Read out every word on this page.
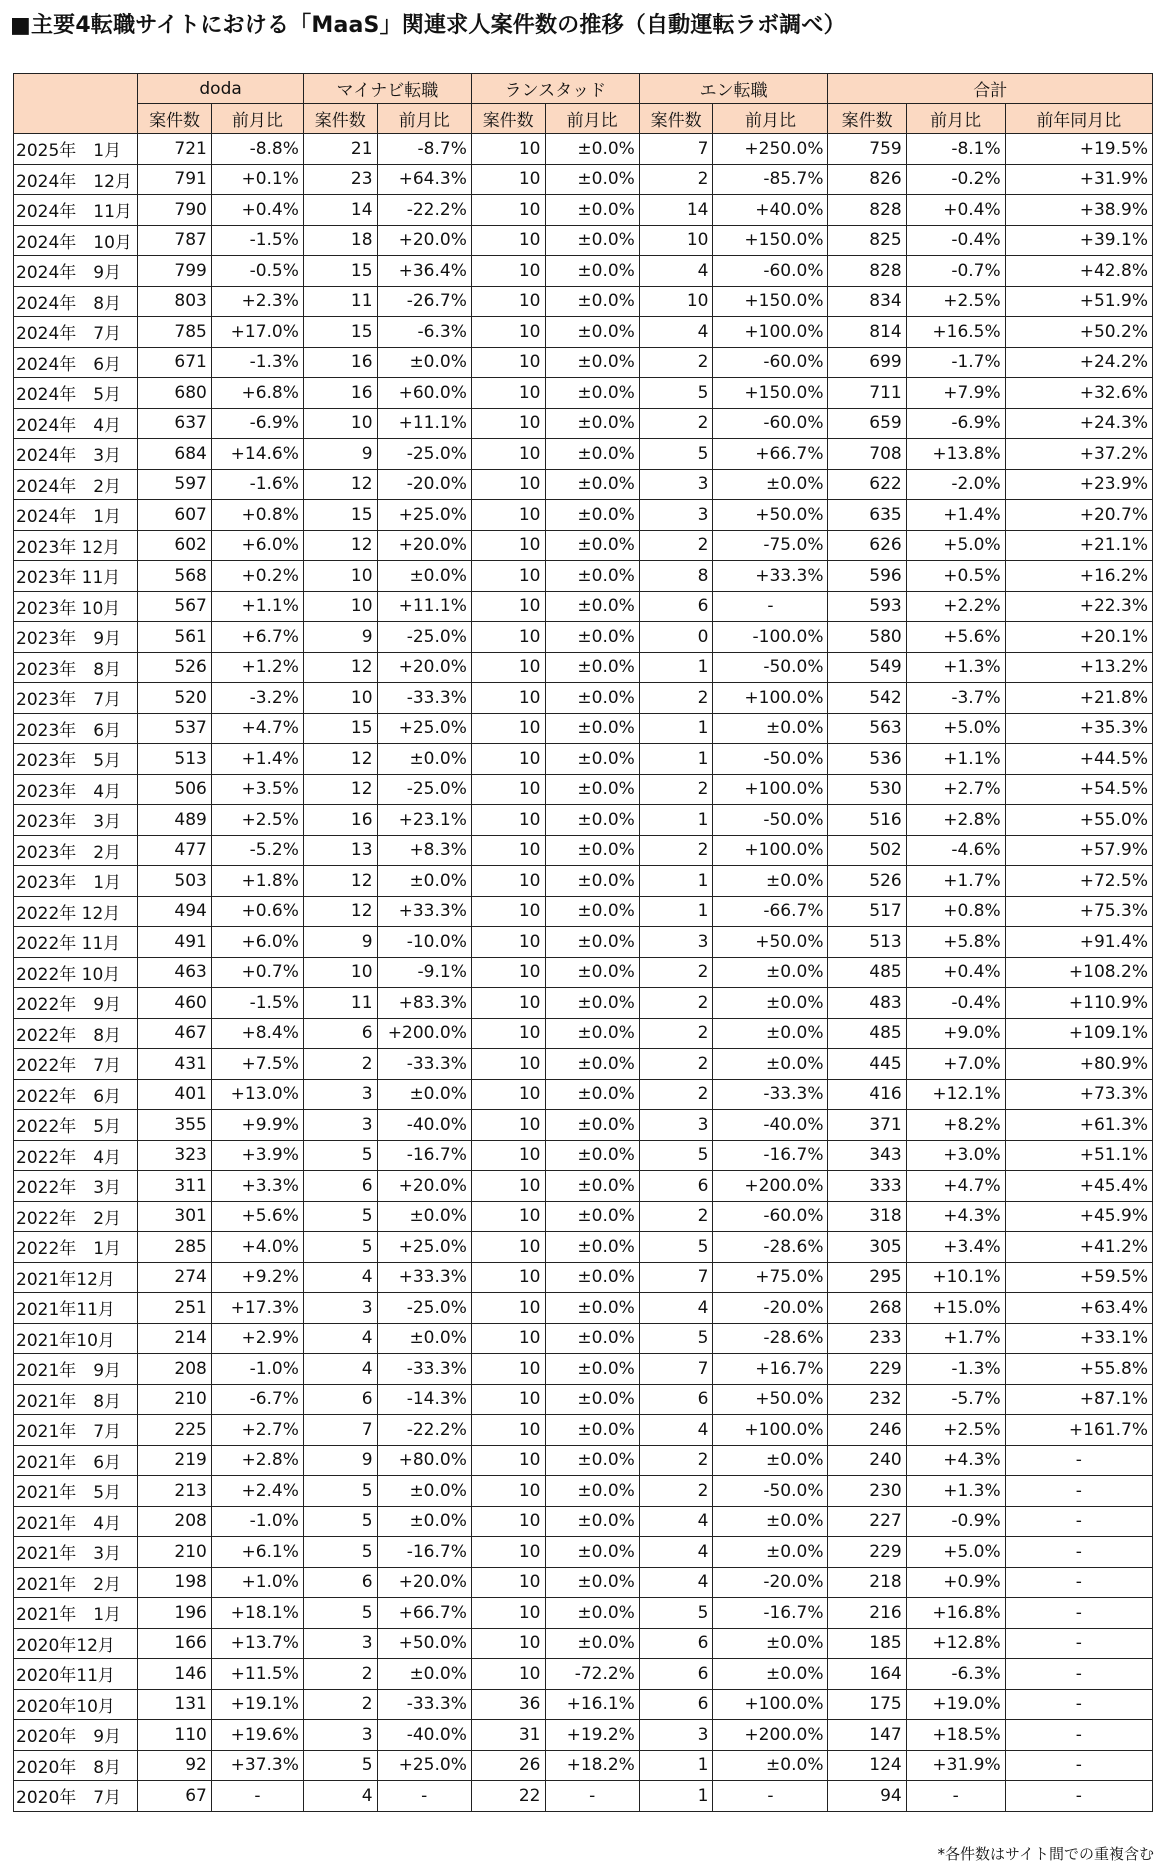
■主要4転職サイトにおける「MaaS」関連求人案件数の推移（自動運転ラボ調べ）
	doda		マイナビ転職		ランスタッド		エン転職		合計		
	案件数	前月比	案件数	前月比	案件数	前月比	案件数	前月比	案件数	前月比	前年同月比
2025年　1月	721	-8.8%	21	-8.7%	10	±0.0%	7	+250.0%	759	-8.1%	+19.5%
2024年　12月	791	+0.1%	23	+64.3%	10	±0.0%	2	-85.7%	826	-0.2%	+31.9%
2024年　11月	790	+0.4%	14	-22.2%	10	±0.0%	14	+40.0%	828	+0.4%	+38.9%
2024年　10月	787	-1.5%	18	+20.0%	10	±0.0%	10	+150.0%	825	-0.4%	+39.1%
2024年　9月	799	-0.5%	15	+36.4%	10	±0.0%	4	-60.0%	828	-0.7%	+42.8%
2024年　8月	803	+2.3%	11	-26.7%	10	±0.0%	10	+150.0%	834	+2.5%	+51.9%
2024年　7月	785	+17.0%	15	-6.3%	10	±0.0%	4	+100.0%	814	+16.5%	+50.2%
2024年　6月	671	-1.3%	16	±0.0%	10	±0.0%	2	-60.0%	699	-1.7%	+24.2%
2024年　5月	680	+6.8%	16	+60.0%	10	±0.0%	5	+150.0%	711	+7.9%	+32.6%
2024年　4月	637	-6.9%	10	+11.1%	10	±0.0%	2	-60.0%	659	-6.9%	+24.3%
2024年　3月	684	+14.6%	9	-25.0%	10	±0.0%	5	+66.7%	708	+13.8%	+37.2%
2024年　2月	597	-1.6%	12	-20.0%	10	±0.0%	3	±0.0%	622	-2.0%	+23.9%
2024年　1月	607	+0.8%	15	+25.0%	10	±0.0%	3	+50.0%	635	+1.4%	+20.7%
2023年 12月	602	+6.0%	12	+20.0%	10	±0.0%	2	-75.0%	626	+5.0%	+21.1%
2023年 11月	568	+0.2%	10	±0.0%	10	±0.0%	8	+33.3%	596	+0.5%	+16.2%
2023年 10月	567	+1.1%	10	+11.1%	10	±0.0%	6	-	593	+2.2%	+22.3%
2023年　9月	561	+6.7%	9	-25.0%	10	±0.0%	0	-100.0%	580	+5.6%	+20.1%
2023年　8月	526	+1.2%	12	+20.0%	10	±0.0%	1	-50.0%	549	+1.3%	+13.2%
2023年　7月	520	-3.2%	10	-33.3%	10	±0.0%	2	+100.0%	542	-3.7%	+21.8%
2023年　6月	537	+4.7%	15	+25.0%	10	±0.0%	1	±0.0%	563	+5.0%	+35.3%
2023年　5月	513	+1.4%	12	±0.0%	10	±0.0%	1	-50.0%	536	+1.1%	+44.5%
2023年　4月	506	+3.5%	12	-25.0%	10	±0.0%	2	+100.0%	530	+2.7%	+54.5%
2023年　3月	489	+2.5%	16	+23.1%	10	±0.0%	1	-50.0%	516	+2.8%	+55.0%
2023年　2月	477	-5.2%	13	+8.3%	10	±0.0%	2	+100.0%	502	-4.6%	+57.9%
2023年　1月	503	+1.8%	12	±0.0%	10	±0.0%	1	±0.0%	526	+1.7%	+72.5%
2022年 12月	494	+0.6%	12	+33.3%	10	±0.0%	1	-66.7%	517	+0.8%	+75.3%
2022年 11月	491	+6.0%	9	-10.0%	10	±0.0%	3	+50.0%	513	+5.8%	+91.4%
2022年 10月	463	+0.7%	10	-9.1%	10	±0.0%	2	±0.0%	485	+0.4%	+108.2%
2022年　9月	460	-1.5%	11	+83.3%	10	±0.0%	2	±0.0%	483	-0.4%	+110.9%
2022年　8月	467	+8.4%	6	+200.0%	10	±0.0%	2	±0.0%	485	+9.0%	+109.1%
2022年　7月	431	+7.5%	2	-33.3%	10	±0.0%	2	±0.0%	445	+7.0%	+80.9%
2022年　6月	401	+13.0%	3	±0.0%	10	±0.0%	2	-33.3%	416	+12.1%	+73.3%
2022年　5月	355	+9.9%	3	-40.0%	10	±0.0%	3	-40.0%	371	+8.2%	+61.3%
2022年　4月	323	+3.9%	5	-16.7%	10	±0.0%	5	-16.7%	343	+3.0%	+51.1%
2022年　3月	311	+3.3%	6	+20.0%	10	±0.0%	6	+200.0%	333	+4.7%	+45.4%
2022年　2月	301	+5.6%	5	±0.0%	10	±0.0%	2	-60.0%	318	+4.3%	+45.9%
2022年　1月	285	+4.0%	5	+25.0%	10	±0.0%	5	-28.6%	305	+3.4%	+41.2%
2021年12月	274	+9.2%	4	+33.3%	10	±0.0%	7	+75.0%	295	+10.1%	+59.5%
2021年11月	251	+17.3%	3	-25.0%	10	±0.0%	4	-20.0%	268	+15.0%	+63.4%
2021年10月	214	+2.9%	4	±0.0%	10	±0.0%	5	-28.6%	233	+1.7%	+33.1%
2021年　9月	208	-1.0%	4	-33.3%	10	±0.0%	7	+16.7%	229	-1.3%	+55.8%
2021年　8月	210	-6.7%	6	-14.3%	10	±0.0%	6	+50.0%	232	-5.7%	+87.1%
2021年　7月	225	+2.7%	7	-22.2%	10	±0.0%	4	+100.0%	246	+2.5%	+161.7%
2021年　6月	219	+2.8%	9	+80.0%	10	±0.0%	2	±0.0%	240	+4.3%	-
2021年　5月	213	+2.4%	5	±0.0%	10	±0.0%	2	-50.0%	230	+1.3%	-
2021年　4月	208	-1.0%	5	±0.0%	10	±0.0%	4	±0.0%	227	-0.9%	-
2021年　3月	210	+6.1%	5	-16.7%	10	±0.0%	4	±0.0%	229	+5.0%	-
2021年　2月	198	+1.0%	6	+20.0%	10	±0.0%	4	-20.0%	218	+0.9%	-
2021年　1月	196	+18.1%	5	+66.7%	10	±0.0%	5	-16.7%	216	+16.8%	-
2020年12月	166	+13.7%	3	+50.0%	10	±0.0%	6	±0.0%	185	+12.8%	-
2020年11月	146	+11.5%	2	±0.0%	10	-72.2%	6	±0.0%	164	-6.3%	-
2020年10月	131	+19.1%	2	-33.3%	36	+16.1%	6	+100.0%	175	+19.0%	-
2020年　9月	110	+19.6%	3	-40.0%	31	+19.2%	3	+200.0%	147	+18.5%	-
2020年　8月	92	+37.3%	5	+25.0%	26	+18.2%	1	±0.0%	124	+31.9%	-
2020年　7月	67	-	4	-	22	-	1	-	94	-	-
*各件数はサイト間での重複含む
